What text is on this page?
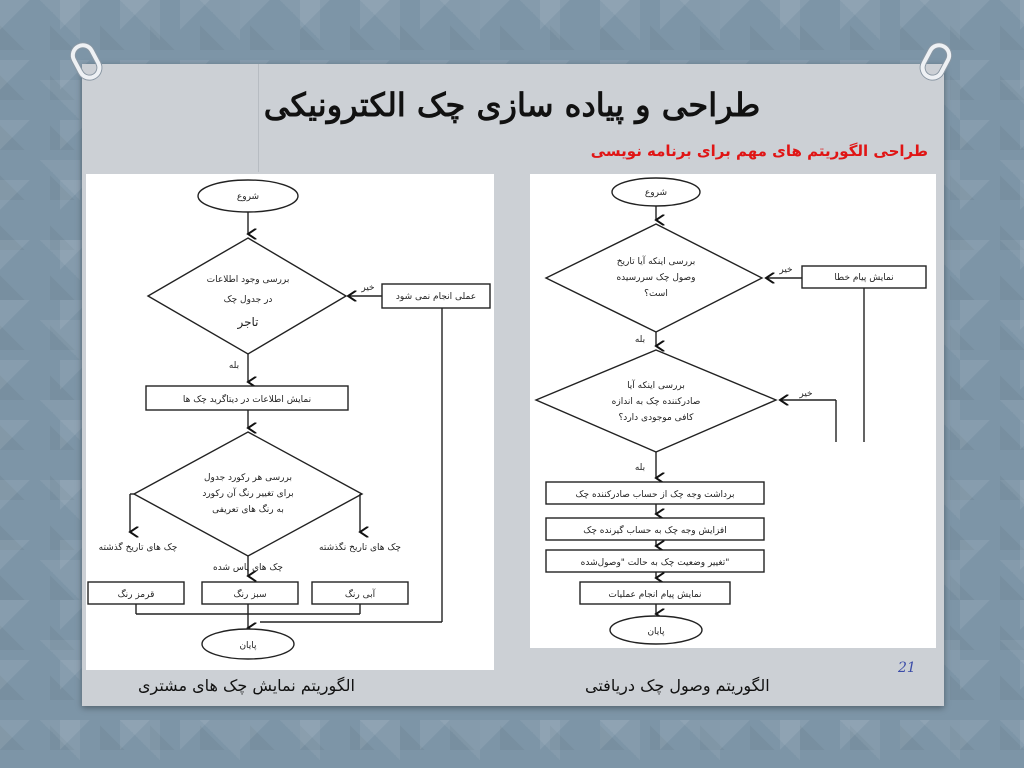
طراحی و پیاده سازی چک الکترونیکی
طراحی الگوریتم های مهم برای برنامه نویسی
شروع
بررسی وجود اطلاعات
در جدول چک
تاجر
خیر
عملی انجام نمی شود
بله
نمایش اطلاعات در دیتاگرید چک ها
بررسی هر رکورد جدول
برای تغییر رنگ آن رکورد
به رنگ های تعریفی
چک های تاریخ گذشته
چک های پاس شده
چک های تاریخ نگذشته
قرمز رنگ	سبز رنگ	آبی رنگ
پایان
شروع
بررسی اینکه آیا تاریخ
وصول چک سررسیده
است؟
خیر
نمایش پیام خطا
بله
بررسی اینکه آیا
صادرکننده چک به اندازه
کافی موجودی دارد؟
خیر
بله
برداشت وجه چک از حساب صادرکننده چک
افزایش وجه چک به حساب گیرنده چک
تغییر وضعیت چک به حالت "وصول‌شده"
نمایش پیام انجام عملیات
پایان
الگوریتم نمایش چک های مشتری	الگوریتم وصول چک دریافتی
21
